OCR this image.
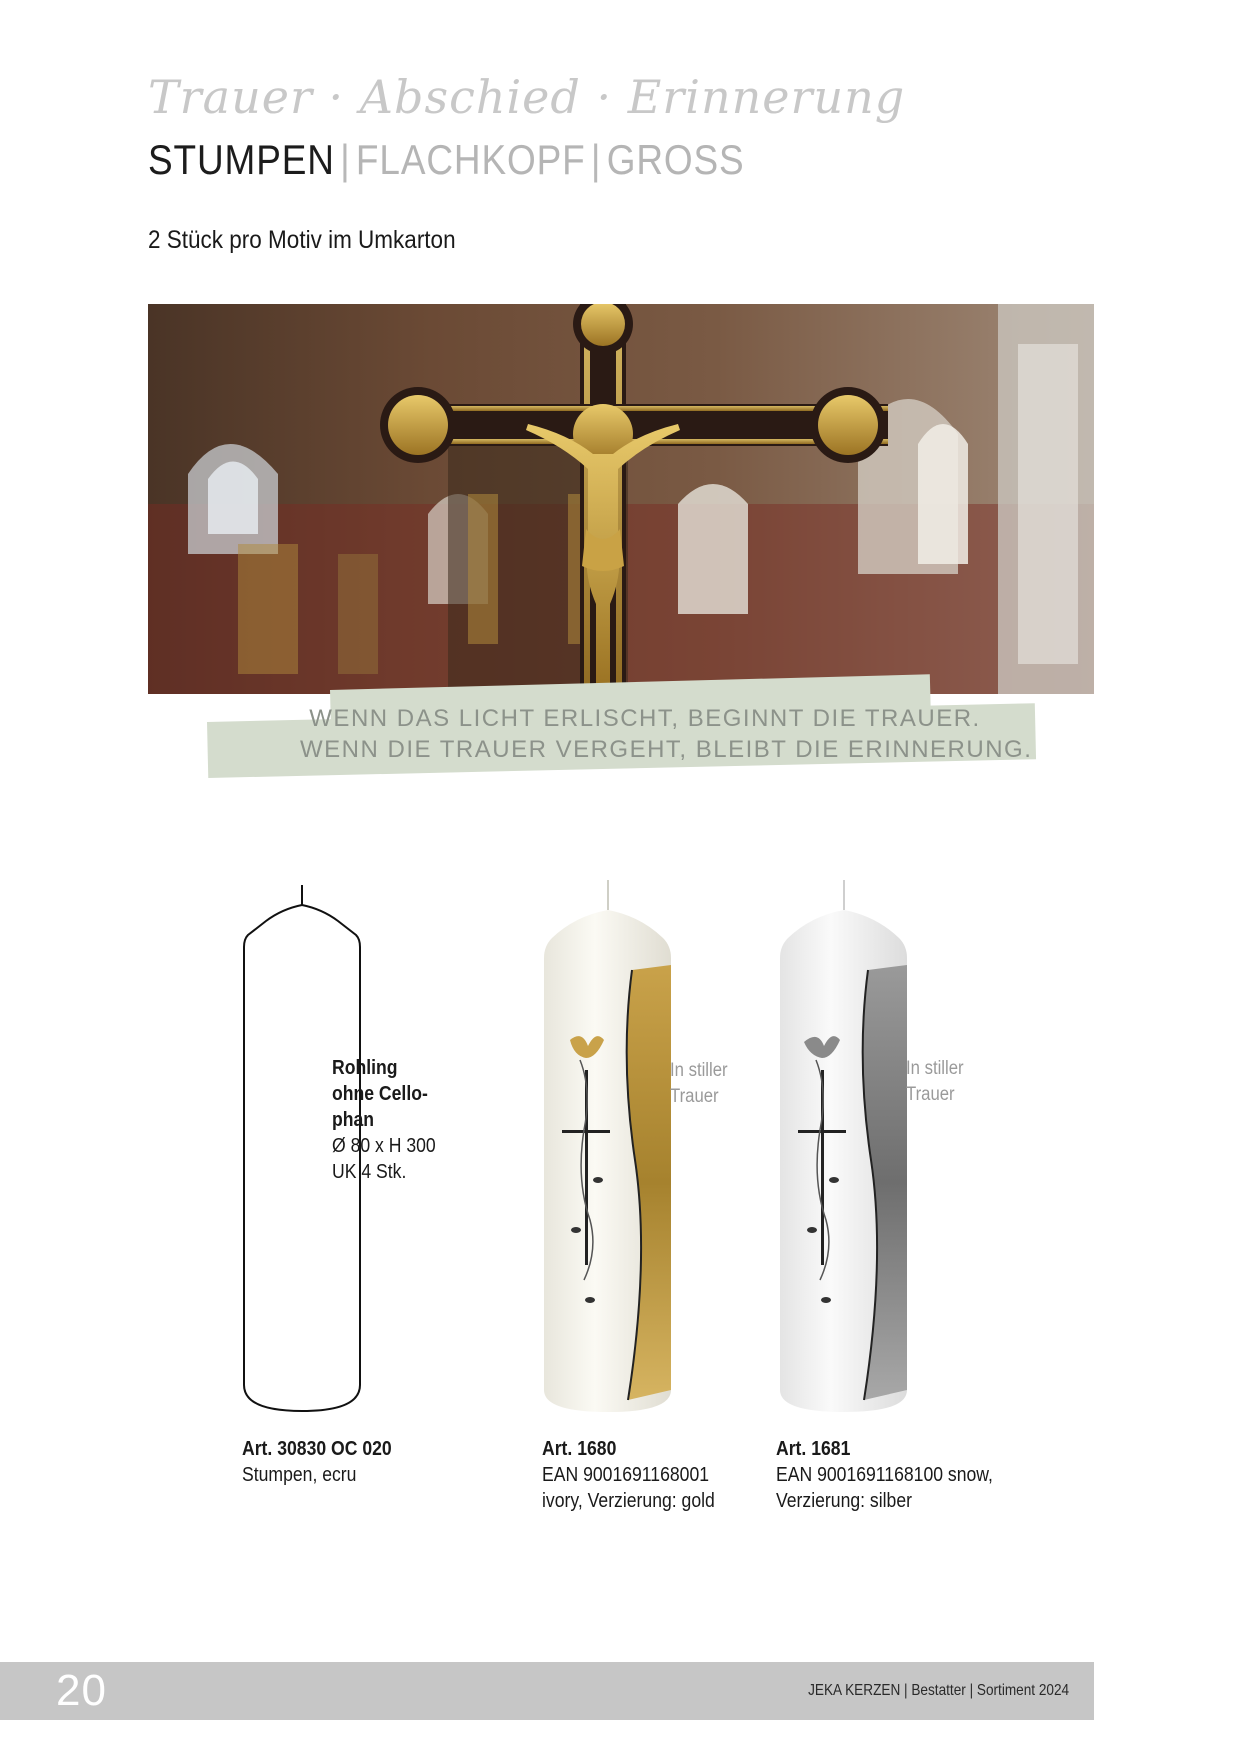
Trauer · Abschied · Erinnerung
STUMPEN | FLACHKOPF | GROSS
2 Stück pro Motiv im Umkarton
WENN DAS LICHT ERLISCHT, BEGINNT DIE TRAUER.
WENN DIE TRAUER VERGEHT, BLEIBT DIE ERINNERUNG.
Rohling
ohne Cello-
phan
Ø 80 x H 300
UK 4 Stk.
In stiller
Trauer
In stiller
Trauer
Art. 30830 OC 020
Stumpen, ecru
Art. 1680
EAN 9001691168001
ivory, Verzierung: gold
Art. 1681
EAN 9001691168100 snow,
Verzierung: silber
20	JEKA KERZEN | Bestatter | Sortiment 2024
